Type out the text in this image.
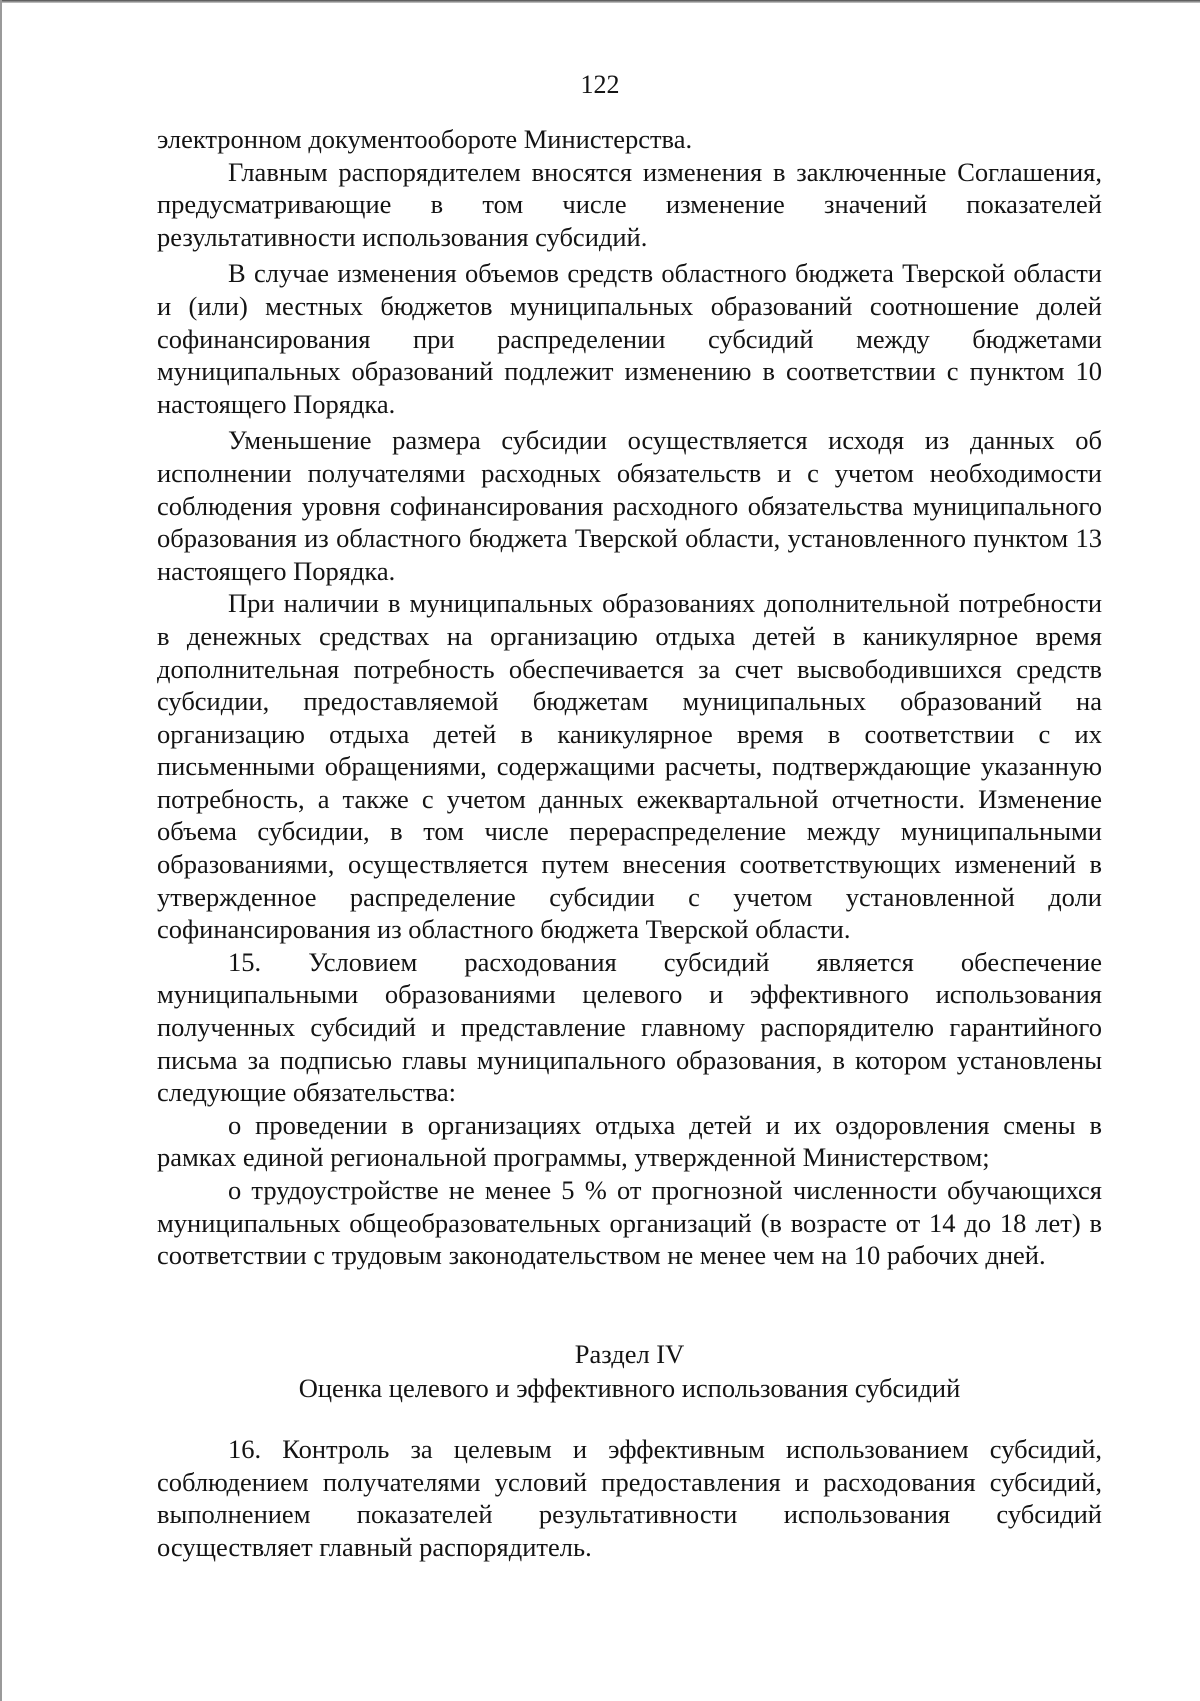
122

электронном документообороте Министерства.

Главным распорядителем вносятся изменения в заключенные Соглашения, предусматривающие в том числе изменение значений показателей результативности использования субсидий.

В случае изменения объемов средств областного бюджета Тверской области и (или) местных бюджетов муниципальных образований соотношение долей софинансирования при распределении субсидий между бюджетами муниципальных образований подлежит изменению в соответствии с пунктом 10 настоящего Порядка.

Уменьшение размера субсидии осуществляется исходя из данных об исполнении получателями расходных обязательств и с учетом необходимости соблюдения уровня софинансирования расходного обязательства муниципального образования из областного бюджета Тверской области, установленного пунктом 13 настоящего Порядка.

При наличии в муниципальных образованиях дополнительной потребности в денежных средствах на организацию отдыха детей в каникулярное время дополнительная потребность обеспечивается за счет высвободившихся средств субсидии, предоставляемой бюджетам муниципальных образований на организацию отдыха детей в каникулярное время в соответствии с их письменными обращениями, содержащими расчеты, подтверждающие указанную потребность, а также с учетом данных ежеквартальной отчетности. Изменение объема субсидии, в том числе перераспределение между муниципальными образованиями, осуществляется путем внесения соответствующих изменений в утвержденное распределение субсидии с учетом установленной доли софинансирования из областного бюджета Тверской области.

15. Условием расходования субсидий является обеспечение муниципальными образованиями целевого и эффективного использования полученных субсидий и представление главному распорядителю гарантийного письма за подписью главы муниципального образования, в котором установлены следующие обязательства:

о проведении в организациях отдыха детей и их оздоровления смены в рамках единой региональной программы, утвержденной Министерством;

о трудоустройстве не менее 5 % от прогнозной численности обучающихся муниципальных общеобразовательных организаций (в возрасте от 14 до 18 лет) в соответствии с трудовым законодательством не менее чем на 10 рабочих дней.

Раздел IV

Оценка целевого и эффективного использования субсидий

16. Контроль за целевым и эффективным использованием субсидий, соблюдением получателями условий предоставления и расходования субсидий, выполнением показателей результативности использования субсидий осуществляет главный распорядитель.
